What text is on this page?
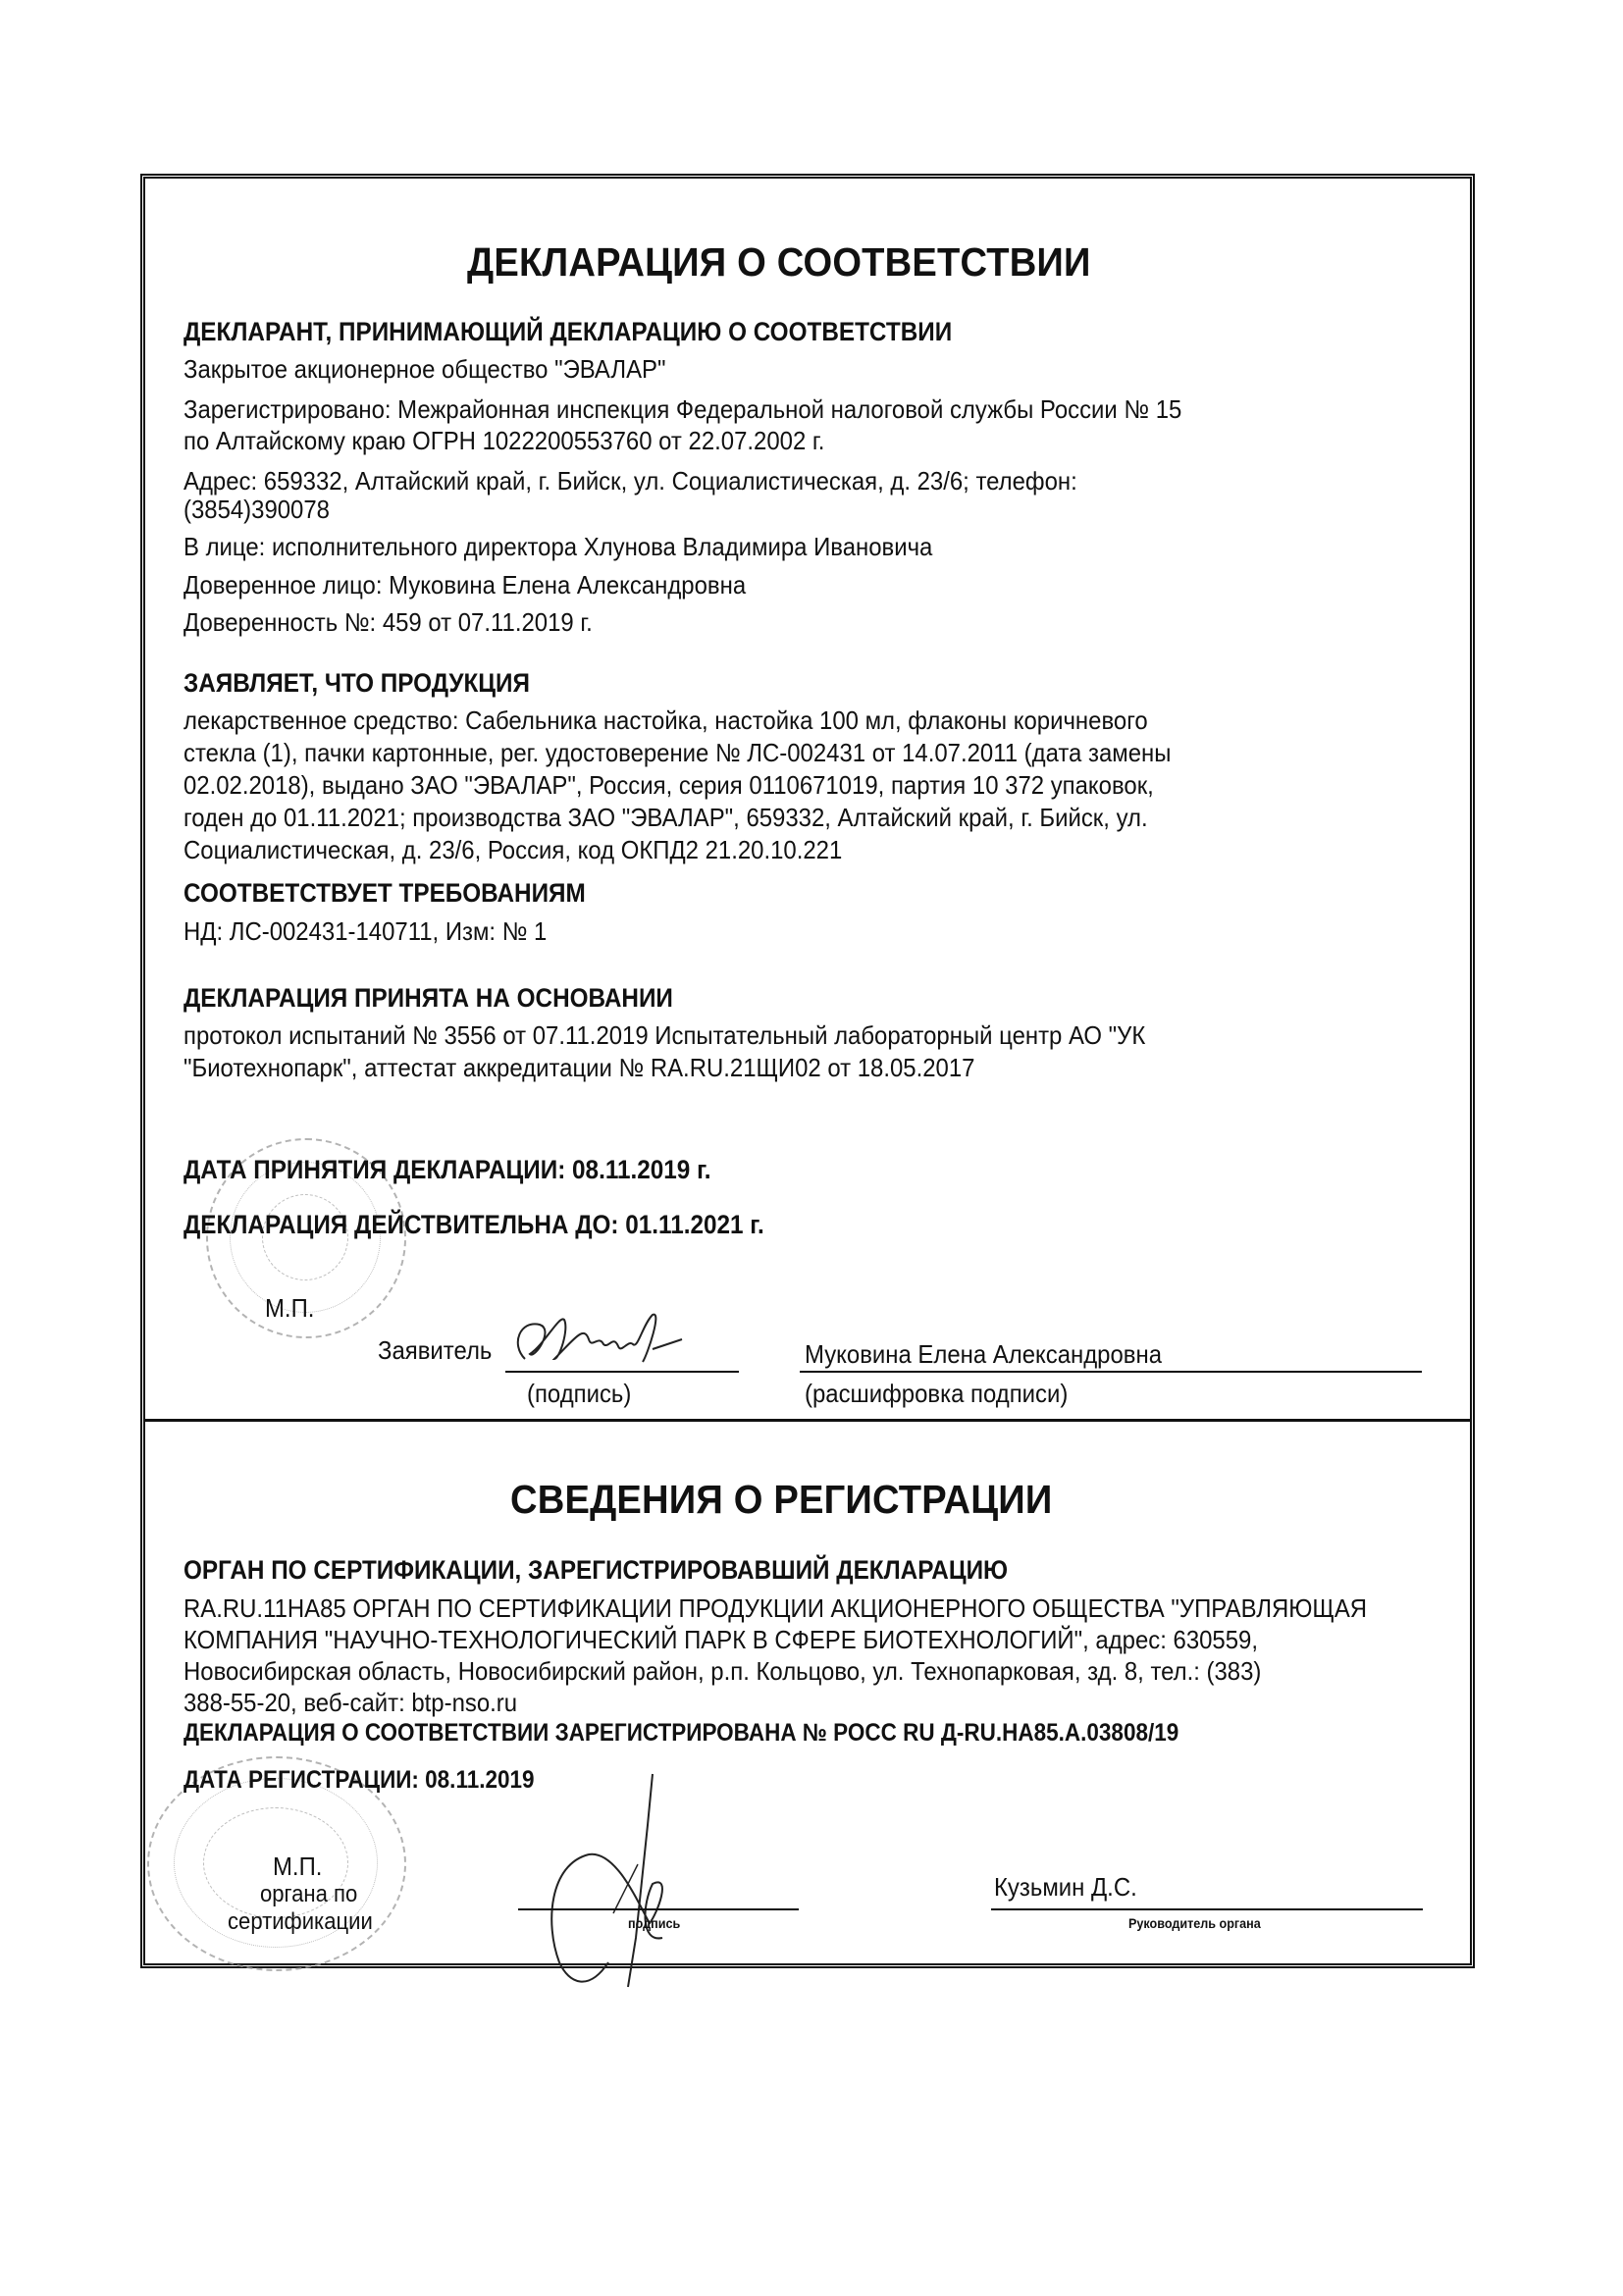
ДЕКЛАРАЦИЯ О СООТВЕТСТВИИ
ДЕКЛАРАНТ, ПРИНИМАЮЩИЙ ДЕКЛАРАЦИЮ О СООТВЕТСТВИИ
Закрытое акционерное общество "ЭВАЛАР"
Зарегистрировано: Межрайонная инспекция Федеральной налоговой службы России № 15
по Алтайскому краю ОГРН 1022200553760 от 22.07.2002 г.
Адрес: 659332, Алтайский край, г. Бийск, ул. Социалистическая, д. 23/6; телефон:
(3854)390078
В лице: исполнительного директора Хлунова Владимира Ивановича
Доверенное лицо: Муковина Елена Александровна
Доверенность №: 459 от 07.11.2019 г.
ЗАЯВЛЯЕТ, ЧТО ПРОДУКЦИЯ
лекарственное средство: Сабельника настойка, настойка 100 мл, флаконы коричневого
стекла (1), пачки картонные, рег. удостоверение № ЛС-002431 от 14.07.2011 (дата замены
02.02.2018), выдано ЗАО "ЭВАЛАР", Россия, серия 0110671019, партия 10 372 упаковок,
годен до 01.11.2021; производства ЗАО "ЭВАЛАР", 659332, Алтайский край, г. Бийск, ул.
Социалистическая, д. 23/6, Россия, код ОКПД2 21.20.10.221
СООТВЕТСТВУЕТ ТРЕБОВАНИЯМ
НД: ЛС-002431-140711, Изм: № 1
ДЕКЛАРАЦИЯ ПРИНЯТА НА ОСНОВАНИИ
протокол испытаний № 3556 от 07.11.2019 Испытательный лабораторный центр АО "УК
"Биотехнопарк", аттестат аккредитации № RA.RU.21ЩИ02 от 18.05.2017
ДАТА ПРИНЯТИЯ ДЕКЛАРАЦИИ: 08.11.2019 г.
ДЕКЛАРАЦИЯ ДЕЙСТВИТЕЛЬНА ДО: 01.11.2021 г.
М.П.
Заявитель
(подпись)
Муковина Елена Александровна
(расшифровка подписи)
СВЕДЕНИЯ О РЕГИСТРАЦИИ
ОРГАН ПО СЕРТИФИКАЦИИ, ЗАРЕГИСТРИРОВАВШИЙ ДЕКЛАРАЦИЮ
RA.RU.11НА85 ОРГАН ПО СЕРТИФИКАЦИИ ПРОДУКЦИИ АКЦИОНЕРНОГО ОБЩЕСТВА "УПРАВЛЯЮЩАЯ
КОМПАНИЯ "НАУЧНО-ТЕХНОЛОГИЧЕСКИЙ ПАРК В СФЕРЕ БИОТЕХНОЛОГИЙ", адрес: 630559,
Новосибирская область, Новосибирский район, р.п. Кольцово, ул. Технопарковая, зд. 8, тел.: (383)
388-55-20, веб-сайт: btp-nso.ru
ДЕКЛАРАЦИЯ О СООТВЕТСТВИИ ЗАРЕГИСТРИРОВАНА № РОСС RU Д-RU.НА85.А.03808/19
ДАТА РЕГИСТРАЦИИ: 08.11.2019
М.П.
органа по
сертификации	подпись
Кузьмин Д.С.
Руководитель органа
